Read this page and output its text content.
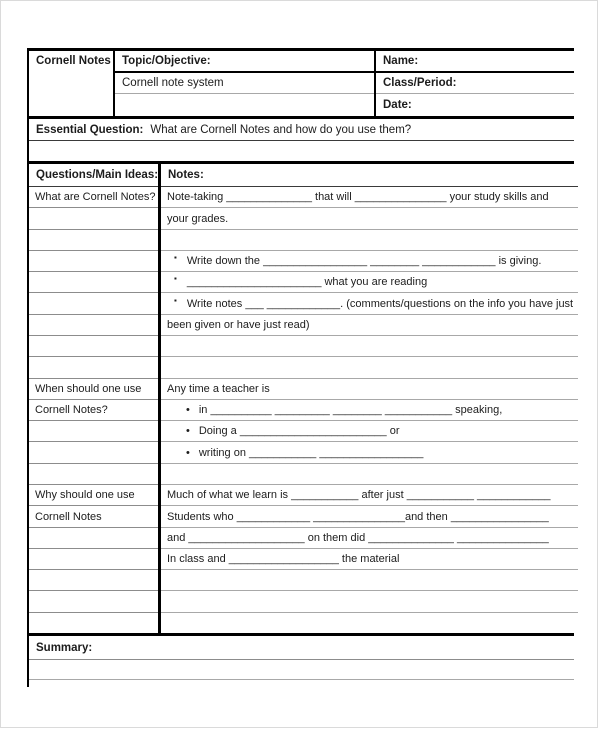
Cornell Notes Topic/Objective:
Cornell note system
Name:
Class/Period:
Date:
Essential Question: What are Cornell Notes and how do you use them?
Questions/Main Ideas:
What are Cornell Notes?
When should one use
Cornell Notes?
Why should one use
Cornell Notes
Notes:
Note-taking ______________ that will _______________ your study skills and
your grades.
▪ Write down the _________________ ________ ____________ is giving.
▪ ______________________ what you are reading
▪ Write notes ___ ____________. (comments/questions on the info you have just
been given or have just read)
Any time a teacher is
• in __________ _________ ________ ___________ speaking,
• Doing a ________________________ or
• writing on ___________ _________________
Much of what we learn is ___________ after just ___________ ____________
Students who ____________ _______________and then ________________
and ___________________ on them did ______________ _______________
In class and __________________ the material
Summary:
